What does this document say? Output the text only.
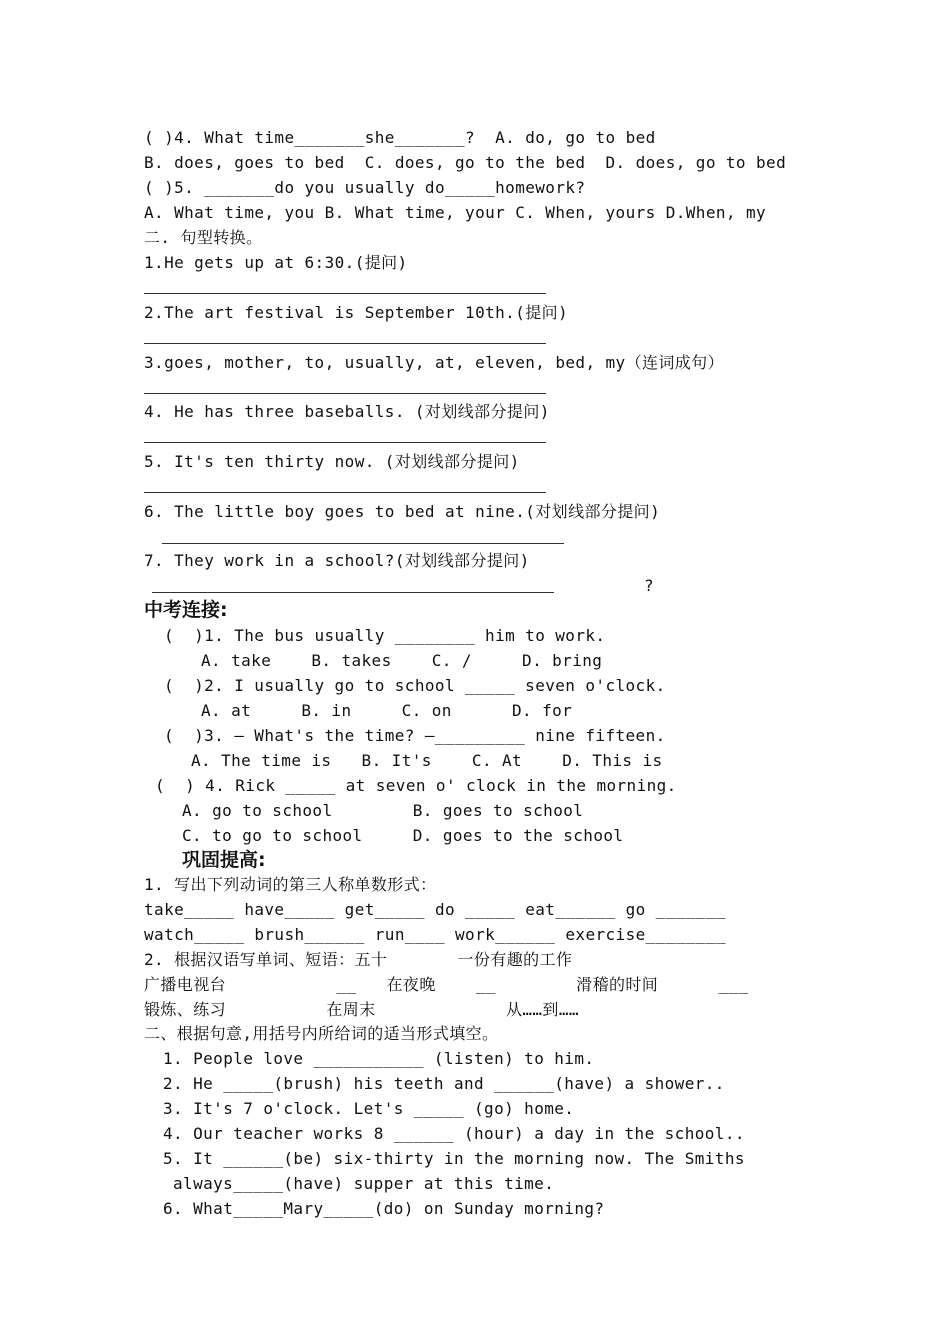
( )4. What time_______she_______?  A. do, go to bed
B. does, goes to bed  C. does, go to the bed  D. does, go to bed
( )5. _______do you usually do_____homework?
A. What time, you B. What time, your C. When, yours D.When, my
二. 句型转换。
1.He gets up at 6:30.(提问)
2.The art festival is September 10th.(提问)
3.goes, mother, to, usually, at, eleven, bed, my（连词成句）
4. He has three baseballs. (对划线部分提问)
5. It's ten thirty now. (对划线部分提问)
6. The little boy goes to bed at nine.(对划线部分提问)
7. They work in a school?(对划线部分提问)
?
中考连接:
(  )1. The bus usually ________ him to work.
A. take    B. takes    C. /     D. bring
(  )2. I usually go to school _____ seven o'clock.
A. at     B. in     C. on      D. for
(  )3. — What's the time? —_________ nine fifteen.
A. The time is   B. It's    C. At    D. This is
(  ) 4. Rick _____ at seven o' clock in the morning.
A. go to school        B. goes to school
C. to go to school     D. goes to the school
巩固提高:
1. 写出下列动词的第三人称单数形式：
take_____ have_____ get_____ do _____ eat______ go _______
watch_____ brush______ run____ work______ exercise________
2. 根据汉语写单词、短语：五十       一份有趣的工作
广播电视台           __   在夜晚    __        滑稽的时间      ___
锻炼、练习          在周末             从……到……
二、根据句意,用括号内所给词的适当形式填空。
1. People love ___________ (listen) to him.
2. He _____(brush) his teeth and ______(have) a shower..
3. It's 7 o'clock. Let's _____ (go) home.
4. Our teacher works 8 ______ (hour) a day in the school..
5. It ______(be) six-thirty in the morning now. The Smiths
always_____(have) supper at this time.
6. What_____Mary_____(do) on Sunday morning?
